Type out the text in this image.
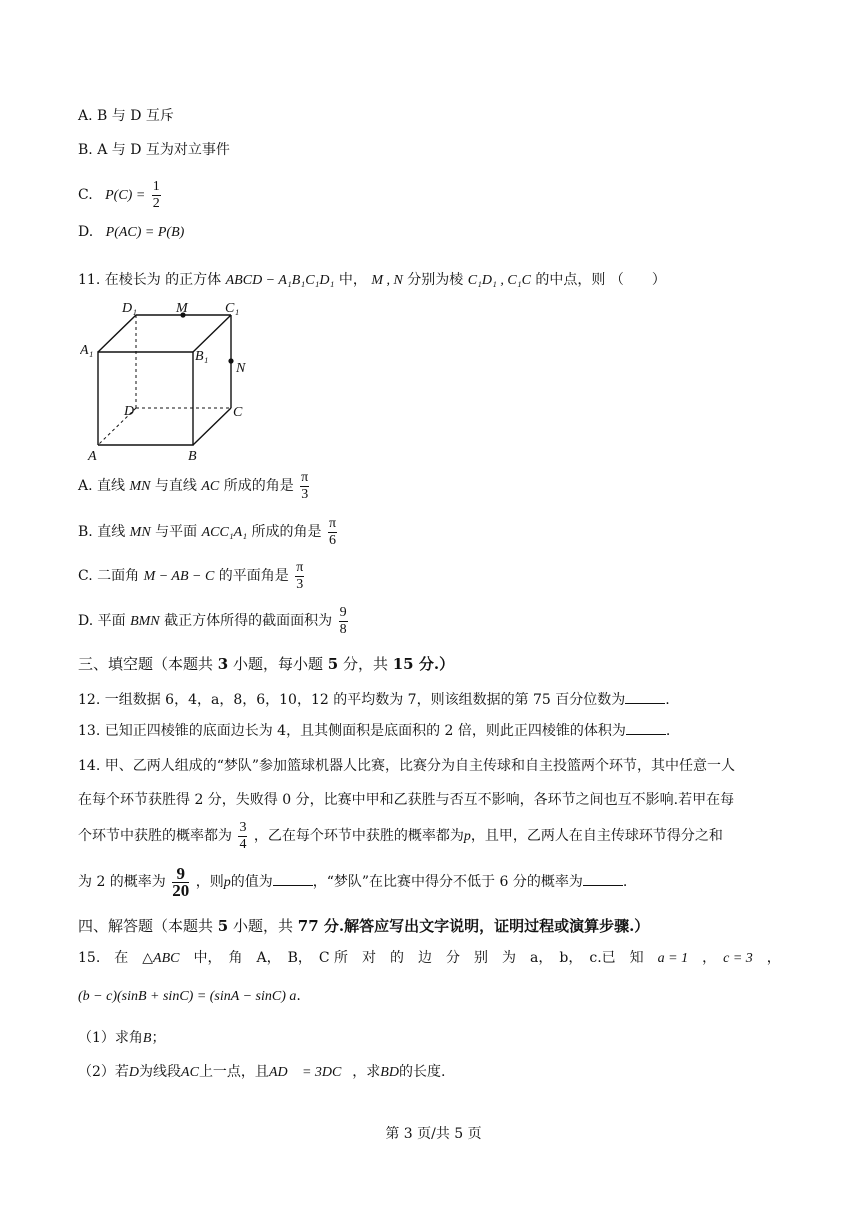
A. B 与 D 互斥
B. A 与 D 互为对立事件
C. $P(C) = \frac{1}{2}$
D. P(AC) = P(B)
11. 在棱长为 的正方体 ABCD − A₁B₁C₁D₁ 中， M , N 分别为棱 C₁D₁ , C₁C 的中点，则 （　　）
D₁	M	C₁
A₁	B₁
N
D	C
A	B
A. 直线 MN 与直线 AC 所成的角是 $\frac{\pi}{3}$
B. 直线 MN 与平面 ACC₁A₁ 所成的角是 $\frac{\pi}{6}$
C. 二面角 M − AB − C 的平面角是 $\frac{\pi}{3}$
D. 平面 BMN 截正方体所得的截面面积为 $\frac{9}{8}$
三、填空题（本题共 3 小题，每小题 5 分，共 15 分.）
12. 一组数据 6，4，a，8，6，10，12 的平均数为 7，则该组数据的第 75 百分位数为	.
13. 已知正四棱锥的底面边长为 4，且其侧面积是底面积的 2 倍，则此正四棱锥的体积为	.
14. 甲、乙两人组成的“梦队”参加篮球机器人比赛，比赛分为自主传球和自主投篮两个环节，其中任意一人
在每个环节获胜得 2 分，失败得 0 分，比赛中甲和乙获胜与否互不影响，各环节之间也互不影响.若甲在每
个环节中获胜的概率都为 $\frac{3}{4}$ ，乙在每个环节中获胜的概率都为p，且甲，乙两人在自主传球环节得分之和
为 2 的概率为 $\frac{9}{20}$ ，则p的值为	，“梦队”在比赛中得分不低于 6 分的概率为	.
四、解答题（本题共 5 小题，共 77 分.解答应写出文字说明，证明过程或演算步骤.）
15.　在　△ABC　中，　角　A，　B，　C 所　对　的　边　分　别　为　a，　b，　c.已　知　a = 1　，　c = 3　，
(b − c)(sinB + sinC) = (sinA − sinC) a.
（1）求角B；
（2）若D为线段AC上一点，且AD⃗ = 3DC⃗，求BD的长度.
第 3 页/共 5 页
